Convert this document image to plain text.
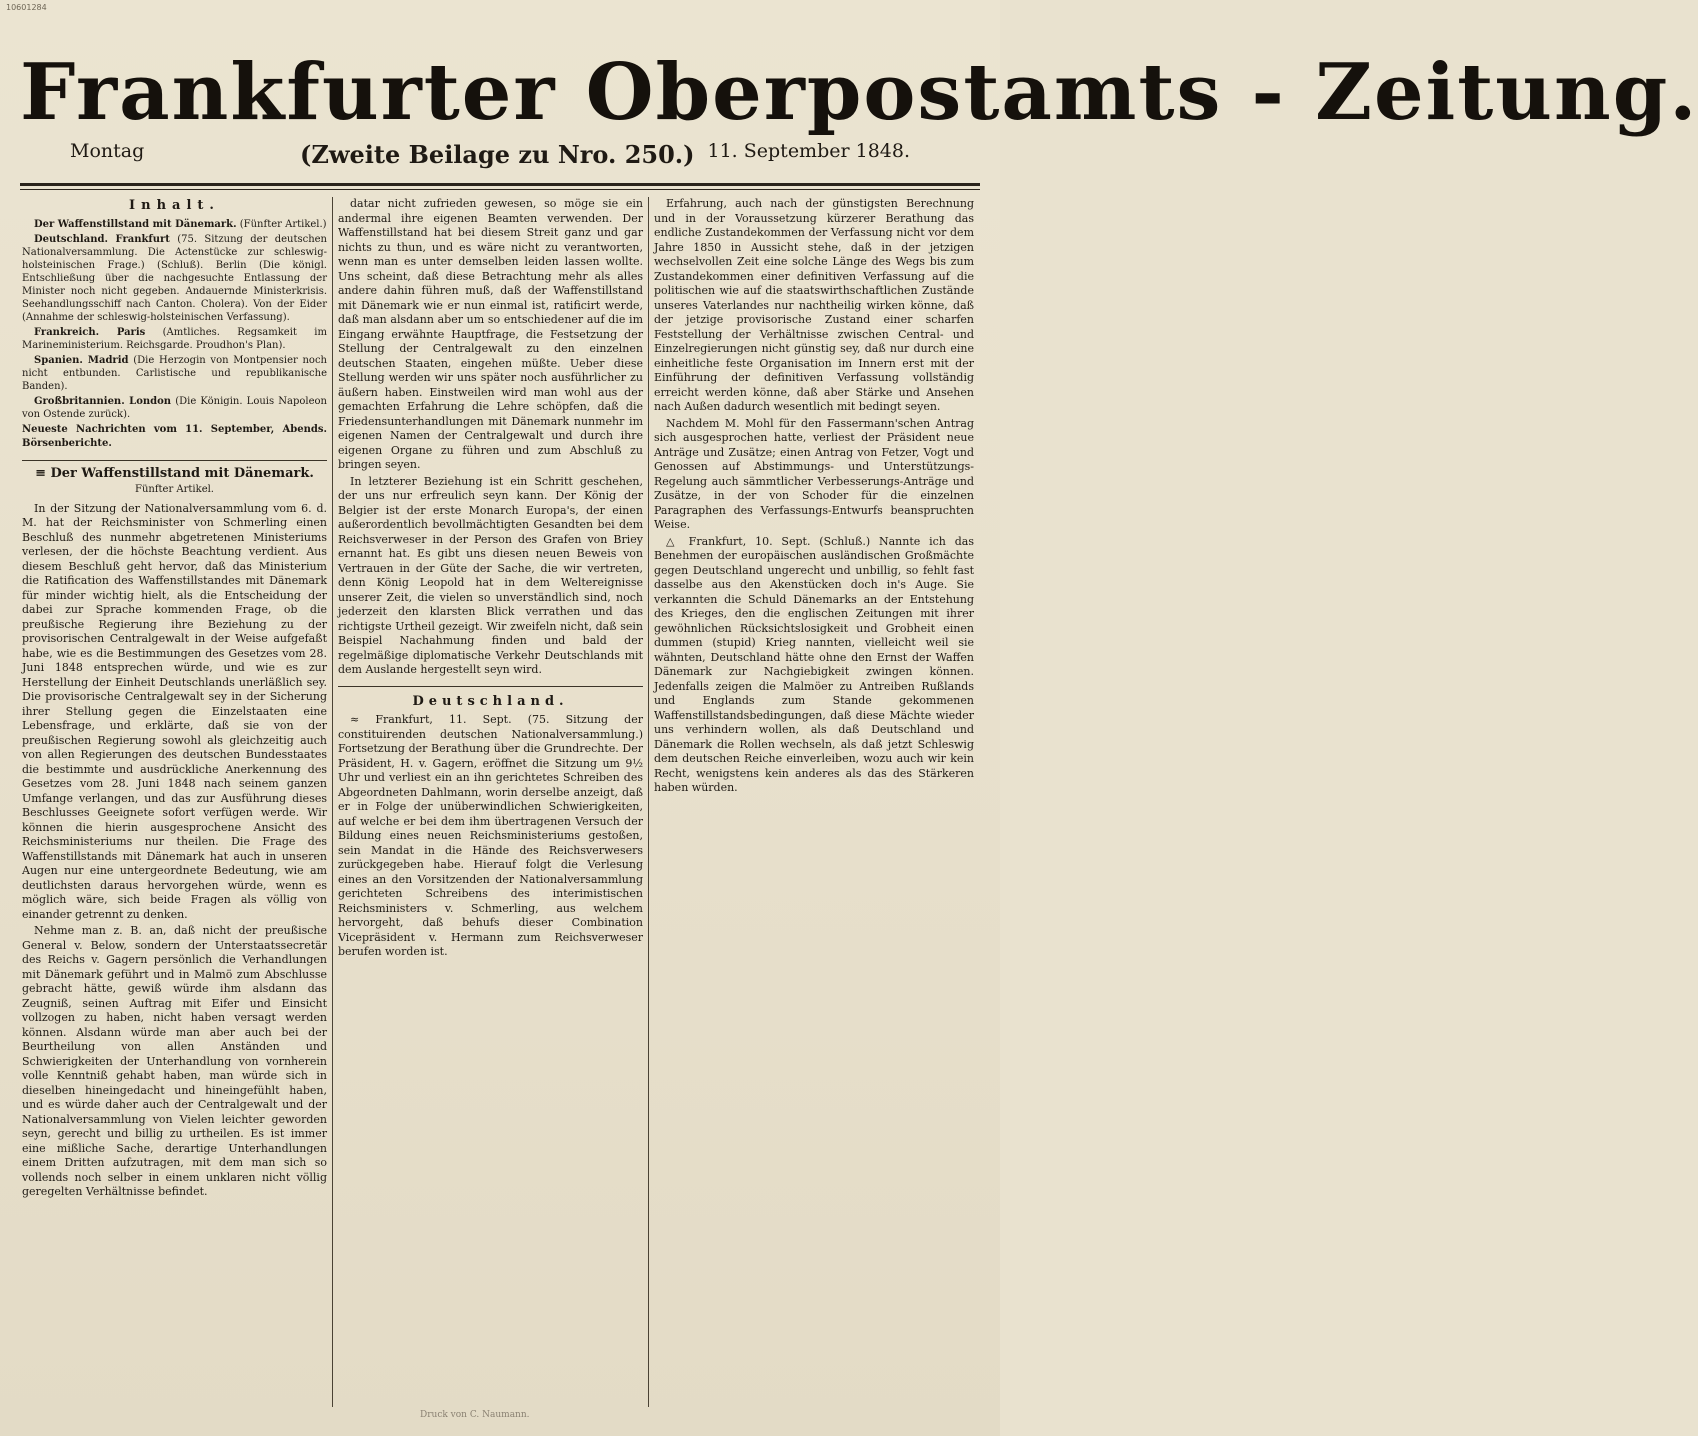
10601284
Frankfurter Oberpostamts - Zeitung.
Montag	(Zweite Beilage zu Nro. 250.) 11. September 1848.
Inhalt.

Der Waffenstillstand mit Dänemark. (Fünfter Artikel.)

Deutschland. Frankfurt (75. Sitzung der deutschen Nationalversammlung. Die Actenstücke zur schleswig-holsteinischen Frage.) (Schluß). Berlin (Die königl. Entschließung über die nachgesuchte Entlassung der Minister noch nicht gegeben. Andauernde Ministerkrisis. Seehandlungsschiff nach Canton. Cholera). Von der Eider (Annahme der schleswig-holsteinischen Verfassung).

Frankreich. Paris (Amtliches. Regsamkeit im Marineministerium. Reichsgarde. Proudhon's Plan).

Spanien. Madrid (Die Herzogin von Montpensier noch nicht entbunden. Carlistische und republikanische Banden).

Großbritannien. London (Die Königin. Louis Napoleon von Ostende zurück).

Neueste Nachrichten vom 11. September, Abends. Börsenberichte.
≡ Der Waffenstillstand mit Dänemark.
Fünfter Artikel.

In der Sitzung der Nationalversammlung vom 6. d. M. hat der Reichsminister von Schmerling einen Beschluß des nunmehr abgetretenen Ministeriums verlesen, der die höchste Beachtung verdient. Aus diesem Beschluß geht hervor, daß das Ministerium die Ratification des Waffenstillstandes mit Dänemark für minder wichtig hielt, als die Entscheidung der dabei zur Sprache kommenden Frage, ob die preußische Regierung ihre Beziehung zu der provisorischen Centralgewalt in der Weise aufgefaßt habe, wie es die Bestimmungen des Gesetzes vom 28. Juni 1848 entsprechen würde, und wie es zur Herstellung der Einheit Deutschlands unerläßlich sey. Die provisorische Centralgewalt sey in der Sicherung ihrer Stellung gegen die Einzelstaaten eine Lebensfrage, und erklärte, daß sie von der preußischen Regierung sowohl als gleichzeitig auch von allen Regierungen des deutschen Bundesstaates die bestimmte und ausdrückliche Anerkennung des Gesetzes vom 28. Juni 1848 nach seinem ganzen Umfange verlangen, und das zur Ausführung dieses Beschlusses Geeignete sofort verfügen werde. Wir können die hierin ausgesprochene Ansicht des Reichsministeriums nur theilen. Die Frage des Waffenstillstands mit Dänemark hat auch in unseren Augen nur eine untergeordnete Bedeutung, wie am deutlichsten daraus hervorgehen würde, wenn es möglich wäre, sich beide Fragen als völlig von einander getrennt zu denken.

Nehme man z. B. an, daß nicht der preußische General v. Below, sondern der Unterstaatssecretär des Reichs v. Gagern persönlich die Verhandlungen mit Dänemark geführt und in Malmö zum Abschlusse gebracht hätte, gewiß würde ihm alsdann das Zeugniß, seinen Auftrag mit Eifer und Einsicht vollzogen zu haben, nicht haben versagt werden können. Alsdann würde man aber auch bei der Beurtheilung von allen Anständen und Schwierigkeiten der Unterhandlung von vornherein volle Kenntniß gehabt haben, man würde sich in dieselben hineingedacht und hineingefühlt haben, und es würde daher auch der Centralgewalt und der Nationalversammlung von Vielen leichter geworden seyn, gerecht und billig zu urtheilen. Es ist immer eine mißliche Sache, derartige Unterhandlungen einem Dritten aufzutragen, mit dem man sich so vollends noch selber in einem unklaren nicht völlig geregelten Verhältnisse befindet.

datar nicht zufrieden gewesen, so möge sie ein andermal ihre eigenen Beamten verwenden. Der Waffenstillstand hat bei diesem Streit ganz und gar nichts zu thun, und es wäre nicht zu verantworten, wenn man es unter demselben leiden lassen wollte. Uns scheint, daß diese Betrachtung mehr als alles andere dahin führen muß, daß der Waffenstillstand mit Dänemark wie er nun einmal ist, ratificirt werde, daß man alsdann aber um so entschiedener auf die im Eingang erwähnte Hauptfrage, die Festsetzung der Stellung der Centralgewalt zu den einzelnen deutschen Staaten, eingehen müßte. Ueber diese Stellung werden wir uns später noch ausführlicher zu äußern haben. Einstweilen wird man wohl aus der gemachten Erfahrung die Lehre schöpfen, daß die Friedensunterhandlungen mit Dänemark nunmehr im eigenen Namen der Centralgewalt und durch ihre eigenen Organe zu führen und zum Abschluß zu bringen seyen.

In letzterer Beziehung ist ein Schritt geschehen, der uns nur erfreulich seyn kann. Der König der Belgier ist der erste Monarch Europa's, der einen außerordentlich bevollmächtigten Gesandten bei dem Reichsverweser in der Person des Grafen von Briey ernannt hat. Es gibt uns diesen neuen Beweis von Vertrauen in der Güte der Sache, die wir vertreten, denn König Leopold hat in dem Weltereignisse unserer Zeit, die vielen so unverständlich sind, noch jederzeit den klarsten Blick verrathen und das richtigste Urtheil gezeigt. Wir zweifeln nicht, daß sein Beispiel Nachahmung finden und bald der regelmäßige diplomatische Verkehr Deutschlands mit dem Auslande hergestellt seyn wird.

Deutschland.

≈ Frankfurt, 11. Sept. (75. Sitzung der constituirenden deutschen Nationalversammlung.) Fortsetzung der Berathung über die Grundrechte. Der Präsident, H. v. Gagern, eröffnet die Sitzung um 9½ Uhr und verliest ein an ihn gerichtetes Schreiben des Abgeordneten Dahlmann, worin derselbe anzeigt, daß er in Folge der unüberwindlichen Schwierigkeiten, auf welche er bei dem ihm übertragenen Versuch der Bildung eines neuen Reichsministeriums gestoßen, sein Mandat in die Hände des Reichsverwesers zurückgegeben habe. Hierauf folgt die Verlesung eines an den Vorsitzenden der Nationalversammlung gerichteten Schreibens des interimistischen Reichsministers v. Schmerling, aus welchem hervorgeht, daß behufs dieser Combination Vicepräsident v. Hermann zum Reichsverweser berufen worden ist.

Erfahrung, auch nach der günstigsten Berechnung und in der Voraussetzung kürzerer Berathung das endliche Zustandekommen der Verfassung nicht vor dem Jahre 1850 in Aussicht stehe, daß in der jetzigen wechselvollen Zeit eine solche Länge des Wegs bis zum Zustandekommen einer definitiven Verfassung auf die politischen wie auf die staatswirthschaftlichen Zustände unseres Vaterlandes nur nachtheilig wirken könne, daß der jetzige provisorische Zustand einer scharfen Feststellung der Verhältnisse zwischen Central- und Einzelregierungen nicht günstig sey, daß nur durch eine einheitliche feste Organisation im Innern erst mit der Einführung der definitiven Verfassung vollständig erreicht werden könne, daß aber Stärke und Ansehen nach Außen dadurch wesentlich mit bedingt seyen.

Nachdem M. Mohl für den Fassermann'schen Antrag sich ausgesprochen hatte, verliest der Präsident neue Anträge und Zusätze; einen Antrag von Fetzer, Vogt und Genossen auf Abstimmungs- und Unterstützungs-Regelung auch sämmtlicher Verbesserungs-Anträge und Zusätze, in der von Schoder für die einzelnen Paragraphen des Verfassungs-Entwurfs beanspruchten Weise.

△ Frankfurt, 10. Sept. (Schluß.) Nannte ich das Benehmen der europäischen ausländischen Großmächte gegen Deutschland ungerecht und unbillig, so fehlt fast dasselbe aus den Akenstücken doch in's Auge. Sie verkannten die Schuld Dänemarks an der Entstehung des Krieges, den die englischen Zeitungen mit ihrer gewöhnlichen Rücksichtslosigkeit und Grobheit einen dummen (stupid) Krieg nannten, vielleicht weil sie wähnten, Deutschland hätte ohne den Ernst der Waffen Dänemark zur Nachgiebigkeit zwingen können. Jedenfalls zeigen die Malmöer zu Antreiben Rußlands und Englands zum Stande gekommenen Waffenstillstandsbedingungen, daß diese Mächte wieder uns verhindern wollen, als daß Deutschland und Dänemark die Rollen wechseln, als daß jetzt Schleswig dem deutschen Reiche einverleiben, wozu auch wir kein Recht, wenigstens kein anderes als das des Stärkeren haben würden.

Druck von C. Naumann.
